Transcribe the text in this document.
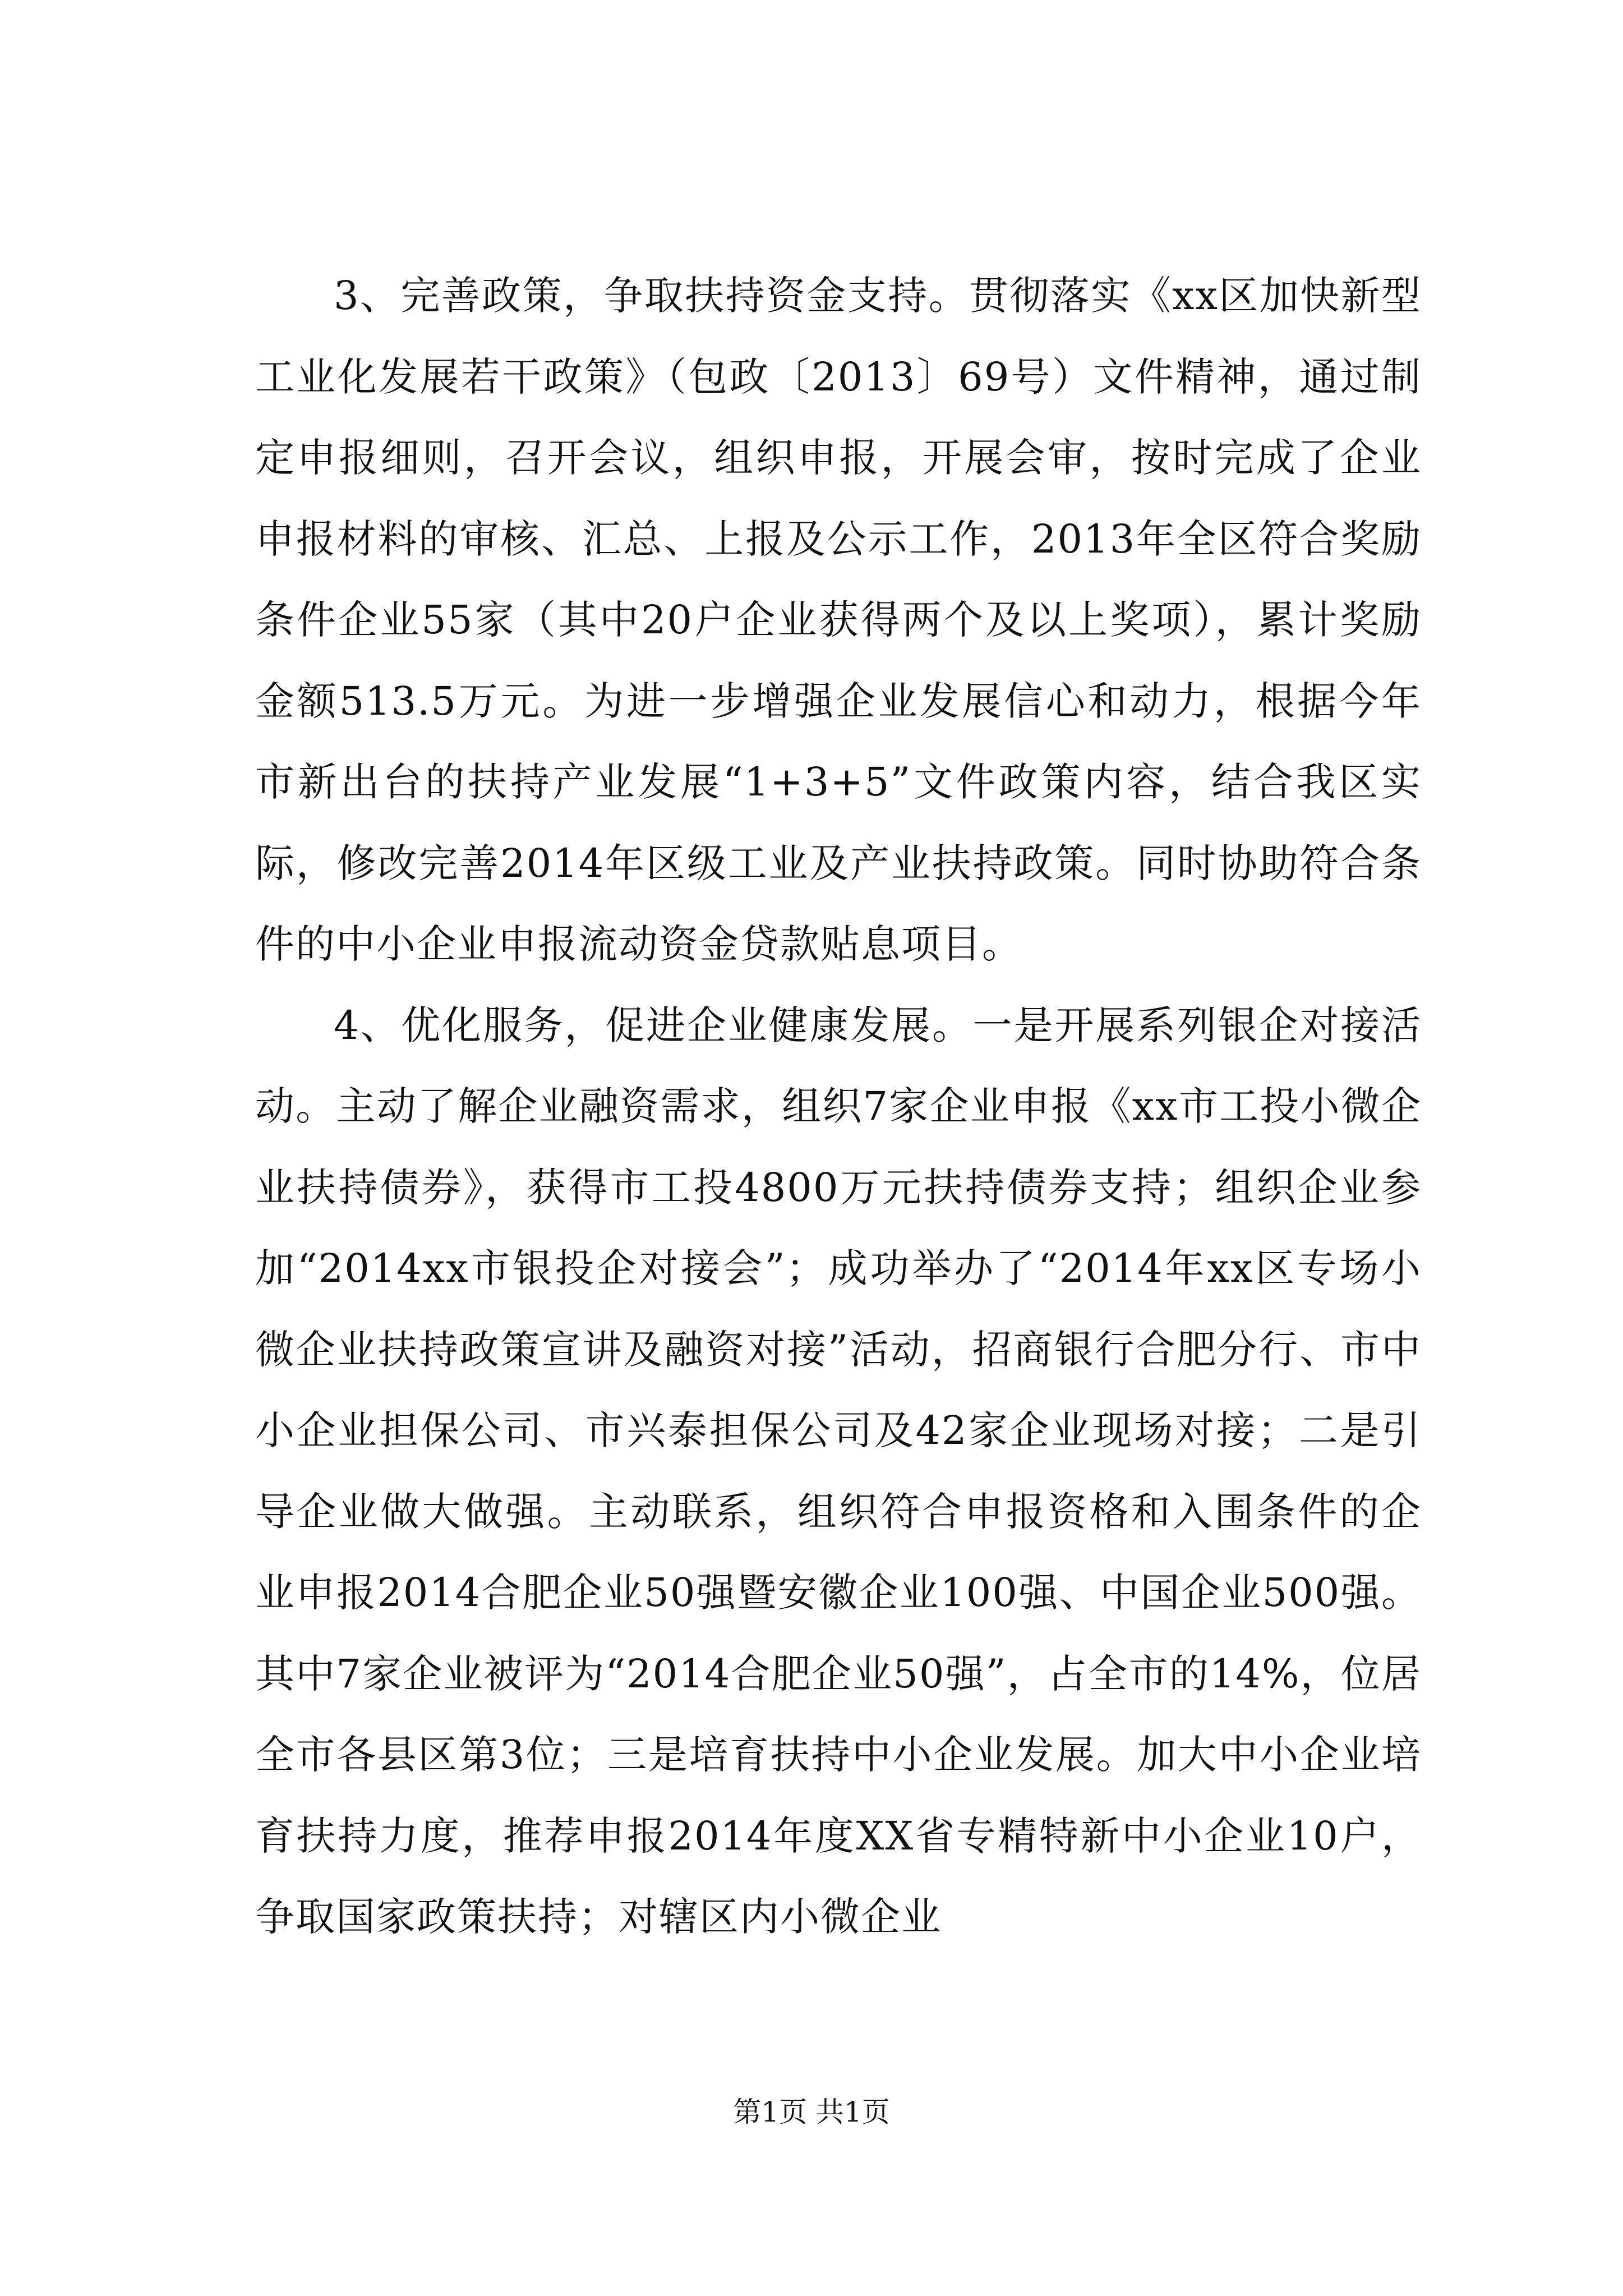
3、完善政策，争取扶持资金支持。贯彻落实《xx区加快新型工业化发展若干政策》（包政〔2013〕69号）文件精神，通过制定申报细则，召开会议，组织申报，开展会审，按时完成了企业申报材料的审核、汇总、上报及公示工作，2013年全区符合奖励条件企业55家（其中20户企业获得两个及以上奖项），累计奖励金额513.5万元。为进一步增强企业发展信心和动力，根据今年市新出台的扶持产业发展“1+3+5”文件政策内容，结合我区实际，修改完善2014年区级工业及产业扶持政策。同时协助符合条件的中小企业申报流动资金贷款贴息项目。

4、优化服务，促进企业健康发展。一是开展系列银企对接活动。主动了解企业融资需求，组织7家企业申报《xx市工投小微企业扶持债券》，获得市工投4800万元扶持债券支持；组织企业参加“2014xx市银投企对接会”；成功举办了“2014年xx区专场小微企业扶持政策宣讲及融资对接”活动，招商银行合肥分行、市中小企业担保公司、市兴泰担保公司及42家企业现场对接；二是引导企业做大做强。主动联系，组织符合申报资格和入围条件的企业申报2014合肥企业50强暨安徽企业100强、中国企业500强。其中7家企业被评为“2014合肥企业50强”，占全市的14%，位居全市各县区第3位；三是培育扶持中小企业发展。加大中小企业培育扶持力度，推荐申报2014年度XX省专精特新中小企业10户，争取国家政策扶持；对辖区内小微企业

第1页 共1页
